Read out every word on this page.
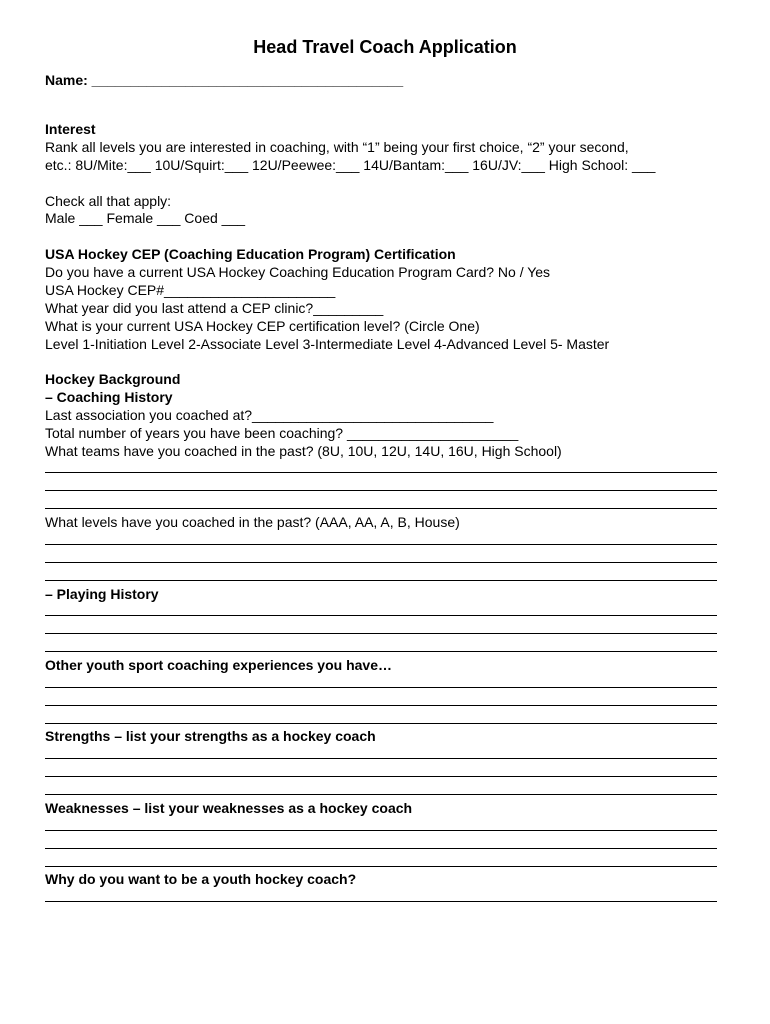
Head Travel Coach Application
Name: ________________________________________
Interest
Rank all levels you are interested in coaching, with “1” being your first choice, “2” your second,
etc.: 8U/Mite:___ 10U/Squirt:___ 12U/Peewee:___ 14U/Bantam:___ 16U/JV:___ High School: ___
Check all that apply:
Male ___ Female ___ Coed ___
USA Hockey CEP (Coaching Education Program) Certification
Do you have a current USA Hockey Coaching Education Program Card? No / Yes
USA Hockey CEP#______________________
What year did you last attend a CEP clinic?_________
What is your current USA Hockey CEP certification level? (Circle One)
Level 1-Initiation Level 2-Associate Level 3-Intermediate Level 4-Advanced Level 5- Master
Hockey Background
– Coaching History
Last association you coached at?_______________________________
Total number of years you have been coaching? ______________________
What teams have you coached in the past? (8U, 10U, 12U, 14U, 16U, High School)
What levels have you coached in the past? (AAA, AA, A, B, House)
– Playing History
Other youth sport coaching experiences you have…
Strengths – list your strengths as a hockey coach
Weaknesses – list your weaknesses as a hockey coach
Why do you want to be a youth hockey coach?
